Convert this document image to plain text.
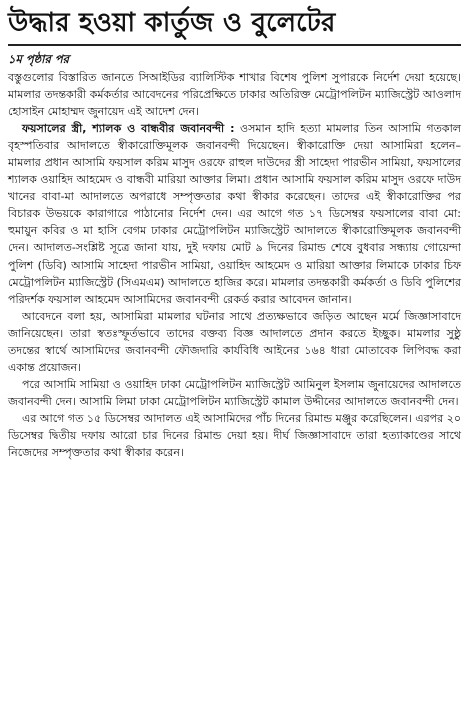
উদ্ধার হওয়া কার্তুজ ও বুলেটের
১ম পৃষ্ঠার পর

বস্তুগুলোর বিস্তারিত জানতে সিআইডির ব্যালিস্টিক শাখার বিশেষ পুলিশ সুপারকে নির্দেশ দেয়া হয়েছে। মামলার তদন্তকারী কর্মকর্তার আবেদনের পরিপ্রেক্ষিতে ঢাকার অতিরিক্ত মেট্রোপলিটন ম্যাজিস্ট্রেট আওলাদ হোসাইন মোহাম্মদ জুনায়েদ এই আদেশ দেন।

ফয়সালের স্ত্রী, শ্যালক ও বান্ধবীর জবানবন্দী : ওসমান হাদি হত্যা মামলার তিন আসামি গতকাল বৃহস্পতিবার আদালতে স্বীকারোক্তিমূলক জবানবন্দী দিয়েছেন। স্বীকারোক্তি দেয়া আসামিরা হলেন– মামলার প্রধান আসামি ফয়সাল করিম মাসুদ ওরফে রাহুল দাউদের স্ত্রী সাহেদা পারভীন সামিয়া, ফয়সালের শ্যালক ওয়াহিদ আহমেদ ও বান্ধবী মারিয়া আক্তার লিমা। প্রধান আসামি ফয়সাল করিম মাসুদ ওরফে দাউদ খানের বাবা-মা আদালতে অপরাধে সম্পৃক্ততার কথা স্বীকার করেছেন। তাদের এই স্বীকারোক্তির পর বিচারক উভয়কে কারাগারে পাঠানোর নির্দেশ দেন। এর আগে গত ১৭ ডিসেম্বর ফয়সালের বাবা মো: হুমায়ুন কবির ও মা হাসি বেগম ঢাকার মেট্রোপলিটন ম্যাজিস্ট্রেট আদালতে স্বীকারোক্তিমূলক জবানবন্দী দেন। আদালত-সংশ্লিষ্ট সূত্রে জানা যায়, দুই দফায় মোট ৯ দিনের রিমান্ড শেষে বুধবার সন্ধ্যায় গোয়েন্দা পুলিশ (ডিবি) আসামি সাহেদা পারভীন সামিয়া, ওয়াহিদ আহমেদ ও মারিয়া আক্তার লিমাকে ঢাকার চিফ মেট্রোপলিটন ম্যাজিস্ট্রেট (সিএমএম) আদালতে হাজির করে। মামলার তদন্তকারী কর্মকর্তা ও ডিবি পুলিশের পরিদর্শক ফয়সাল আহমেদ আসামিদের জবানবন্দী রেকর্ড করার আবেদন জানান।

আবেদনে বলা হয়, আসামিরা মামলার ঘটনার সাথে প্রত্যক্ষভাবে জড়িত আছেন মর্মে জিজ্ঞাসাবাদে জানিয়েছেন। তারা স্বতঃস্ফূর্তভাবে তাদের বক্তব্য বিজ্ঞ আদালতে প্রদান করতে ইচ্ছুক। মামলার সুষ্ঠু তদন্তের স্বার্থে আসামিদের জবানবন্দী ফৌজদারি কার্যবিধি আইনের ১৬৪ ধারা মোতাবেক লিপিবদ্ধ করা একান্ত প্রয়োজন।

পরে আসামি সামিয়া ও ওয়াহিদ ঢাকা মেট্রোপলিটন ম্যাজিস্ট্রেট আমিনুল ইসলাম জুনায়েদের আদালতে জবানবন্দী দেন। আসামি লিমা ঢাকা মেট্রোপলিটন ম্যাজিস্ট্রেট কামাল উদ্দীনের আদালতে জবানবন্দী দেন।

এর আগে গত ১৫ ডিসেম্বর আদালত এই আসামিদের পাঁচ দিনের রিমান্ড মঞ্জুর করেছিলেন। এরপর ২০ ডিসেম্বর দ্বিতীয় দফায় আরো চার দিনের রিমান্ড দেয়া হয়। দীর্ঘ জিজ্ঞাসাবাদে তারা হত্যাকাণ্ডের সাথে নিজেদের সম্পৃক্ততার কথা স্বীকার করেন।
